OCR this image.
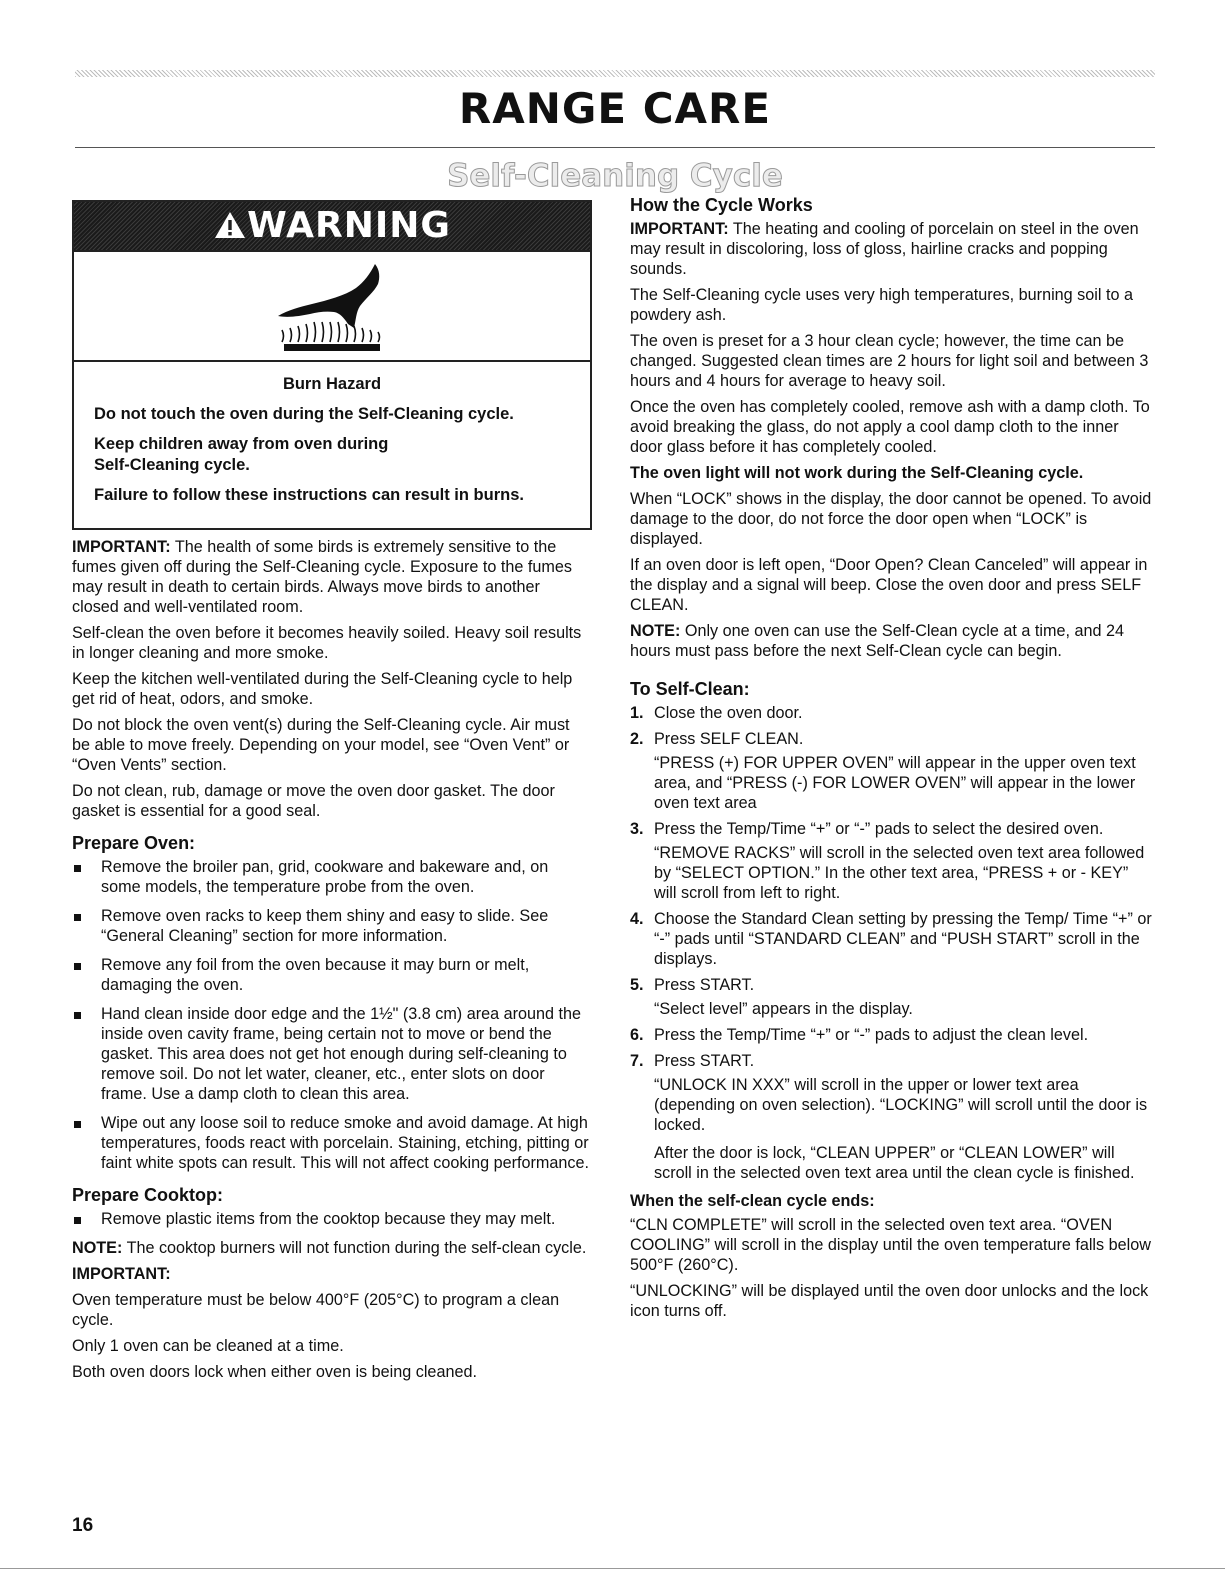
RANGE CARE
Self-Cleaning Cycle
WARNING

Burn Hazard

Do not touch the oven during the Self-Cleaning cycle.

Keep children away from oven during Self-Cleaning cycle.

Failure to follow these instructions can result in burns.

IMPORTANT: The health of some birds is extremely sensitive to the fumes given off during the Self-Cleaning cycle. Exposure to the fumes may result in death to certain birds. Always move birds to another closed and well-ventilated room.

Self-clean the oven before it becomes heavily soiled. Heavy soil results in longer cleaning and more smoke.

Keep the kitchen well-ventilated during the Self-Cleaning cycle to help get rid of heat, odors, and smoke.

Do not block the oven vent(s) during the Self-Cleaning cycle. Air must be able to move freely. Depending on your model, see “Oven Vent” or “Oven Vents” section.

Do not clean, rub, damage or move the oven door gasket. The door gasket is essential for a good seal.

Prepare Oven:
Remove the broiler pan, grid, cookware and bakeware and, on some models, the temperature probe from the oven.
Remove oven racks to keep them shiny and easy to slide. See “General Cleaning” section for more information.
Remove any foil from the oven because it may burn or melt, damaging the oven.
Hand clean inside door edge and the 1½" (3.8 cm) area around the inside oven cavity frame, being certain not to move or bend the gasket. This area does not get hot enough during self-cleaning to remove soil. Do not let water, cleaner, etc., enter slots on door frame. Use a damp cloth to clean this area.
Wipe out any loose soil to reduce smoke and avoid damage. At high temperatures, foods react with porcelain. Staining, etching, pitting or faint white spots can result. This will not affect cooking performance.
Prepare Cooktop:
Remove plastic items from the cooktop because they may melt.

NOTE: The cooktop burners will not function during the self-clean cycle.

IMPORTANT:

Oven temperature must be below 400°F (205°C) to program a clean cycle.

Only 1 oven can be cleaned at a time.

Both oven doors lock when either oven is being cleaned.

How the Cycle Works

IMPORTANT: The heating and cooling of porcelain on steel in the oven may result in discoloring, loss of gloss, hairline cracks and popping sounds.

The Self-Cleaning cycle uses very high temperatures, burning soil to a powdery ash.

The oven is preset for a 3 hour clean cycle; however, the time can be changed. Suggested clean times are 2 hours for light soil and between 3 hours and 4 hours for average to heavy soil.

Once the oven has completely cooled, remove ash with a damp cloth. To avoid breaking the glass, do not apply a cool damp cloth to the inner door glass before it has completely cooled.

The oven light will not work during the Self-Cleaning cycle.

When “LOCK” shows in the display, the door cannot be opened. To avoid damage to the door, do not force the door open when “LOCK” is displayed.

If an oven door is left open, “Door Open? Clean Canceled” will appear in the display and a signal will beep. Close the oven door and press SELF CLEAN.

NOTE: Only one oven can use the Self-Clean cycle at a time, and 24 hours must pass before the next Self-Clean cycle can begin.

To Self-Clean:
1. Close the oven door.
2. Press SELF CLEAN.

“PRESS (+) FOR UPPER OVEN” will appear in the upper oven text area, and “PRESS (-) FOR LOWER OVEN” will appear in the lower oven text area

3. Press the Temp/Time “+” or “-” pads to select the desired oven.

“REMOVE RACKS” will scroll in the selected oven text area followed by “SELECT OPTION.” In the other text area, “PRESS + or - KEY” will scroll from left to right.

4. Choose the Standard Clean setting by pressing the Temp/ Time “+” or “-” pads until “STANDARD CLEAN” and “PUSH START” scroll in the displays.
5. Press START.

“Select level” appears in the display.

6. Press the Temp/Time “+” or “-” pads to adjust the clean level.
7. Press START.

“UNLOCK IN XXX” will scroll in the upper or lower text area (depending on oven selection). “LOCKING” will scroll until the door is locked.

After the door is lock, “CLEAN UPPER” or “CLEAN LOWER” will scroll in the selected oven text area until the clean cycle is finished.

When the self-clean cycle ends:

“CLN COMPLETE” will scroll in the selected oven text area. “OVEN COOLING” will scroll in the display until the oven temperature falls below 500°F (260°C).

“UNLOCKING” will be displayed until the oven door unlocks and the lock icon turns off.

16
